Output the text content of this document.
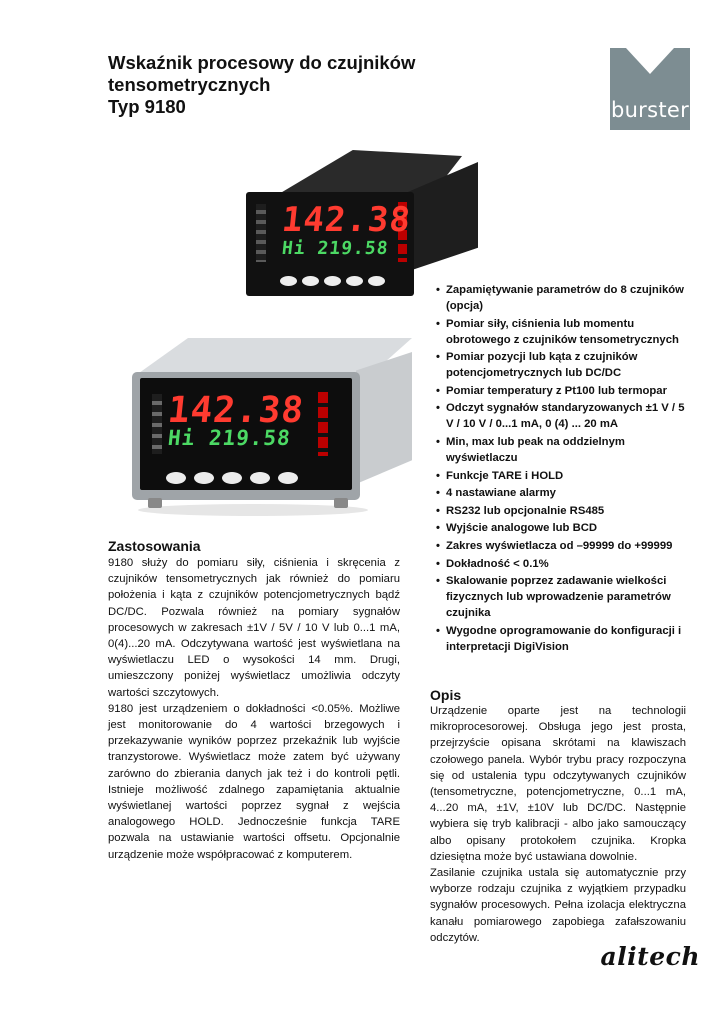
Wskaźnik procesowy do czujników
tensometrycznych
Typ 9180	burster
142.38
Hi 219.58
142.38
Hi 219.58
• Zapamiętywanie parametrów do 8 czujników (opcja)
• Pomiar siły, ciśnienia lub momentu obrotowego z czujników tensometrycznych
• Pomiar pozycji lub kąta z czujników potencjometrycznych lub DC/DC
• Pomiar temperatury z Pt100 lub termopar
• Odczyt sygnałów standaryzowanych ±1 V / 5 V / 10 V / 0...1 mA, 0 (4) ... 20 mA
• Min, max lub peak na oddzielnym wyświetlaczu
• Funkcje TARE i HOLD
• 4 nastawiane alarmy
• RS232 lub opcjonalnie RS485
• Wyjście analogowe lub BCD
• Zakres wyświetlacza od –99999 do +99999
• Dokładność < 0.1%
• Skalowanie poprzez zadawanie wielkości fizycznych lub wprowadzenie parametrów czujnika
• Wygodne oprogramowanie do konfiguracji i interpretacji DigiVision
Zastosowania

9180 służy do pomiaru siły, ciśnienia i skręcenia z czujników tensometrycznych jak również do pomiaru położenia i kąta z czujników potencjometrycznych bądź DC/DC. Pozwala również na pomiary sygnałów procesowych w zakresach ±1V / 5V / 10 V lub 0...1 mA, 0(4)...20 mA. Odczytywana wartość jest wyświetlana na wyświetlaczu LED o wysokości 14 mm. Drugi, umieszczony poniżej wyświetlacz umożliwia odczyty wartości szczytowych.

9180 jest urządzeniem o dokładności <0.05%. Możliwe jest monitorowanie do 4 wartości brzegowych i przekazywanie wyników poprzez przekaźnik lub wyjście tranzystorowe. Wyświetlacz może zatem być używany zarówno do zbierania danych jak też i do kontroli pętli. Istnieje możliwość zdalnego zapamiętania aktualnie wyświetlanej wartości poprzez sygnał z wejścia analogowego HOLD. Jednocześnie funkcja TARE pozwala na ustawianie wartości offsetu. Opcjonalnie urządzenie może współpracować z komputerem.

Opis

Urządzenie oparte jest na technologii mikroprocesorowej. Obsługa jego jest prosta, przejrzyście opisana skrótami na klawiszach czołowego panela. Wybór trybu pracy rozpoczyna się od ustalenia typu odczytywanych czujników (tensometryczne, potencjometryczne, 0...1 mA, 4...20 mA, ±1V, ±10V lub DC/DC. Następnie wybiera się tryb kalibracji - albo jako samouczący albo opisany protokołem czujnika. Kropka dziesiętna może być ustawiana dowolnie.

Zasilanie czujnika ustala się automatycznie przy wyborze rodzaju czujnika z wyjątkiem przypadku sygnałów procesowych. Pełna izolacja elektryczna kanału pomiarowego zapobiega zafałszowaniu odczytów.

alitech
